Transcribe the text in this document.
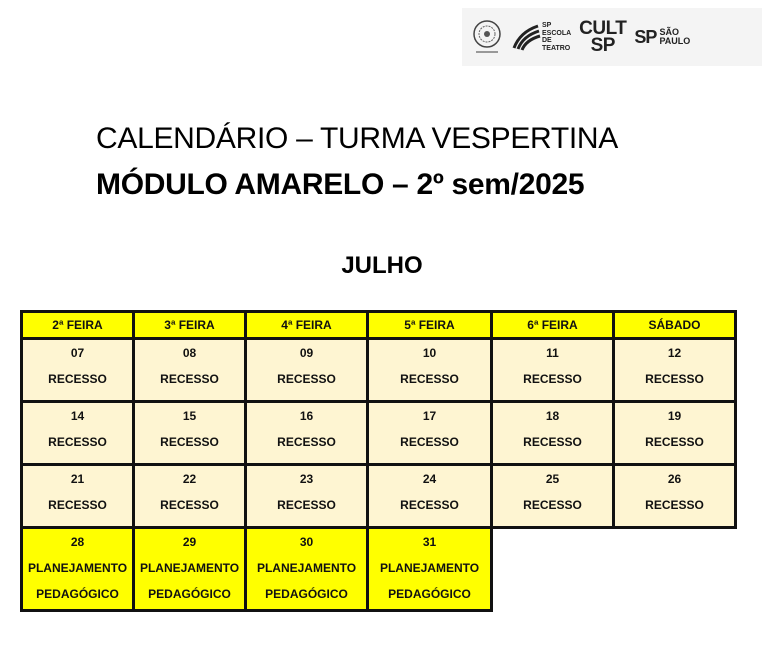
SP
ESCOLA
DE
TEATRO
CULT
SP SP SÃO
PAULO
CALENDÁRIO – TURMA VESPERTINA
MÓDULO AMARELO – 2º sem/2025
JULHO
2ª FEIRA	3ª FEIRA	4ª FEIRA	5ª FEIRA	6ª FEIRA	SÁBADO

07
RECESSO	08
RECESSO	09
RECESSO	10
RECESSO	11
RECESSO	12
RECESSO

14
RECESSO	15
RECESSO	16
RECESSO	17
RECESSO	18
RECESSO	19
RECESSO

21
RECESSO	22
RECESSO	23
RECESSO	24
RECESSO	25
RECESSO	26
RECESSO

28
PLANEJAMENTO
PEDAGÓGICO	29
PLANEJAMENTO
PEDAGÓGICO	30
PLANEJAMENTO
PEDAGÓGICO	31
PLANEJAMENTO
PEDAGÓGICO		
